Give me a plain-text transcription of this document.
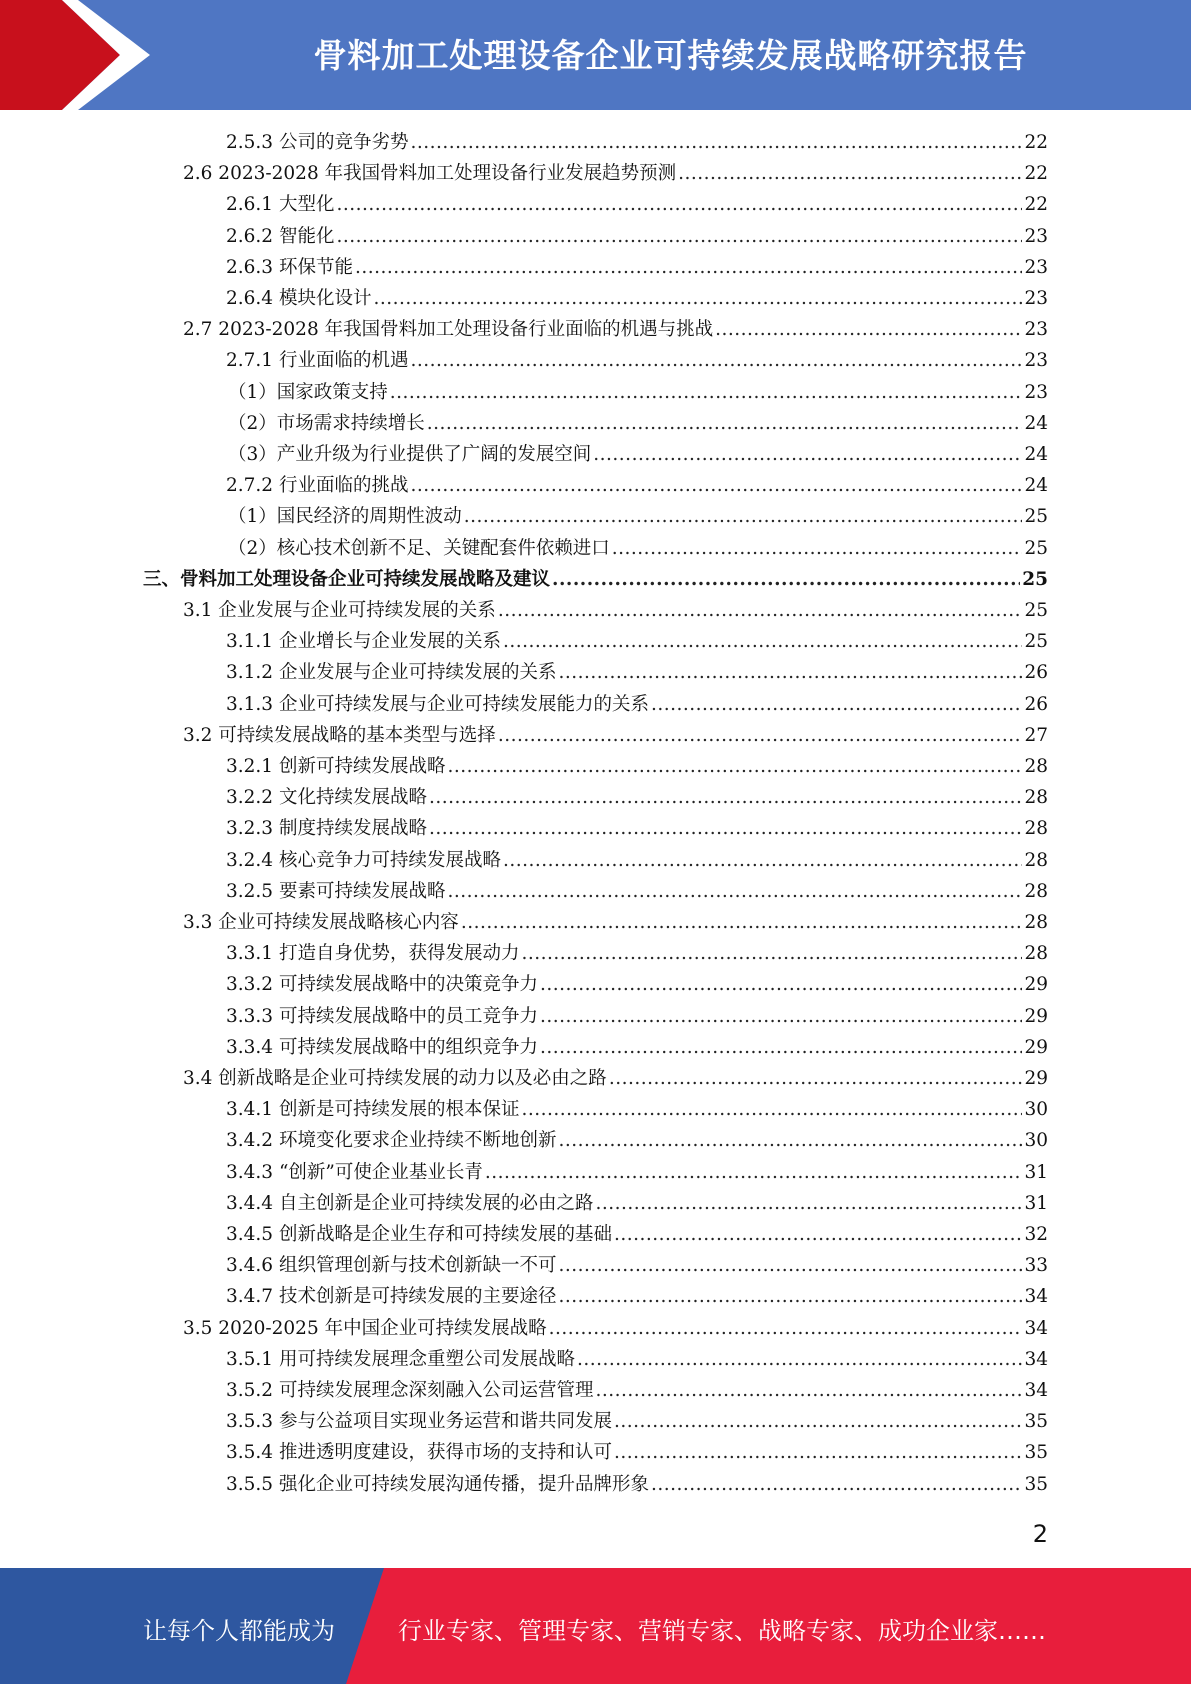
骨料加工处理设备企业可持续发展战略研究报告
2.5.3 公司的竞争劣势 .....	22
2.6 2023-2028 年我国骨料加工处理设备行业发展趋势预测 .....	22
2.6.1 大型化 .....	22
2.6.2 智能化 .....	23
2.6.3 环保节能 .....	23
2.6.4 模块化设计 .....	23
2.7 2023-2028 年我国骨料加工处理设备行业面临的机遇与挑战 .....	23
2.7.1 行业面临的机遇 .....	23
（1）国家政策支持 .....	23
（2）市场需求持续增长 .....	24
（3）产业升级为行业提供了广阔的发展空间 .....	24
2.7.2 行业面临的挑战 .....	24
（1）国民经济的周期性波动 .....	25
（2）核心技术创新不足、关键配套件依赖进口 .....	25
三、骨料加工处理设备企业可持续发展战略及建议 .....	25
3.1 企业发展与企业可持续发展的关系 .....	25
3.1.1 企业增长与企业发展的关系 .....	25
3.1.2 企业发展与企业可持续发展的关系 .....	26
3.1.3 企业可持续发展与企业可持续发展能力的关系 .....	26
3.2 可持续发展战略的基本类型与选择 .....	27
3.2.1 创新可持续发展战略 .....	28
3.2.2 文化持续发展战略 .....	28
3.2.3 制度持续发展战略 .....	28
3.2.4 核心竞争力可持续发展战略 .....	28
3.2.5 要素可持续发展战略 .....	28
3.3 企业可持续发展战略核心内容 .....	28
3.3.1 打造自身优势，获得发展动力 .....	28
3.3.2 可持续发展战略中的决策竞争力 .....	29
3.3.3 可持续发展战略中的员工竞争力 .....	29
3.3.4 可持续发展战略中的组织竞争力 .....	29
3.4 创新战略是企业可持续发展的动力以及必由之路 .....	29
3.4.1 创新是可持续发展的根本保证 .....	30
3.4.2 环境变化要求企业持续不断地创新 .....	30
3.4.3 “创新”可使企业基业长青 .....	31
3.4.4 自主创新是企业可持续发展的必由之路 .....	31
3.4.5 创新战略是企业生存和可持续发展的基础 .....	32
3.4.6 组织管理创新与技术创新缺一不可 .....	33
3.4.7 技术创新是可持续发展的主要途径 .....	34
3.5 2020-2025 年中国企业可持续发展战略 .....	34
3.5.1 用可持续发展理念重塑公司发展战略 .....	34
3.5.2 可持续发展理念深刻融入公司运营管理 .....	34
3.5.3 参与公益项目实现业务运营和谐共同发展 .....	35
3.5.4 推进透明度建设，获得市场的支持和认可 .....	35
3.5.5 强化企业可持续发展沟通传播，提升品牌形象 .....	35
2
让每个人都能成为	行业专家、管理专家、营销专家、战略专家、成功企业家……
